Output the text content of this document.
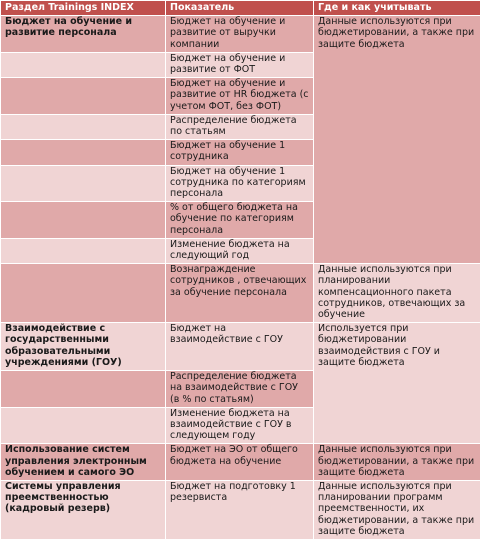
Раздел Trainings INDEX	Показатель	Где и как учитывать
Бюджет на обучение и развитие персонала	Бюджет на обучение и развитие от выручки компании	Данные используются при бюджетировании, а также при защите бюджета
	Бюджет на обучение и развитие от ФОТ	
	Бюджет на обучение и развитие от HR бюджета (с учетом ФОТ, без ФОТ)	
	Распределение бюджета по статьям	
	Бюджет на обучение 1 сотрудника	
	Бюджет на обучение 1 сотрудника по категориям персонала	
	% от общего бюджета на обучение по категориям персонала	
	Изменение бюджета на следующий год	
	Вознаграждение сотрудников , отвечающих за обучение персонала	Данные используются при планировании компенсационного пакета сотрудников, отвечающих за обучение
Взаимодействие с государственными образовательными учреждениями (ГОУ)	Бюджет на взаимодействие с ГОУ	Используется при бюджетировании взаимодействия с ГОУ и защите бюджета
	Распределение бюджета на взаимодействие с ГОУ (в % по статьям)	
	Изменение бюджета на взаимодействие с ГОУ в следующем году	
Использование систем управления электронным обучением и самого ЭО	Бюджет на ЭО от общего бюджета на обучение	Данные используются при бюджетировании, а также при защите бюджета
Системы управления преемственностью (кадровый резерв)	Бюджет на подготовку 1 резервиста	Данные используются при планировании программ преемственности, их бюджетировании, а также при защите бюджета
